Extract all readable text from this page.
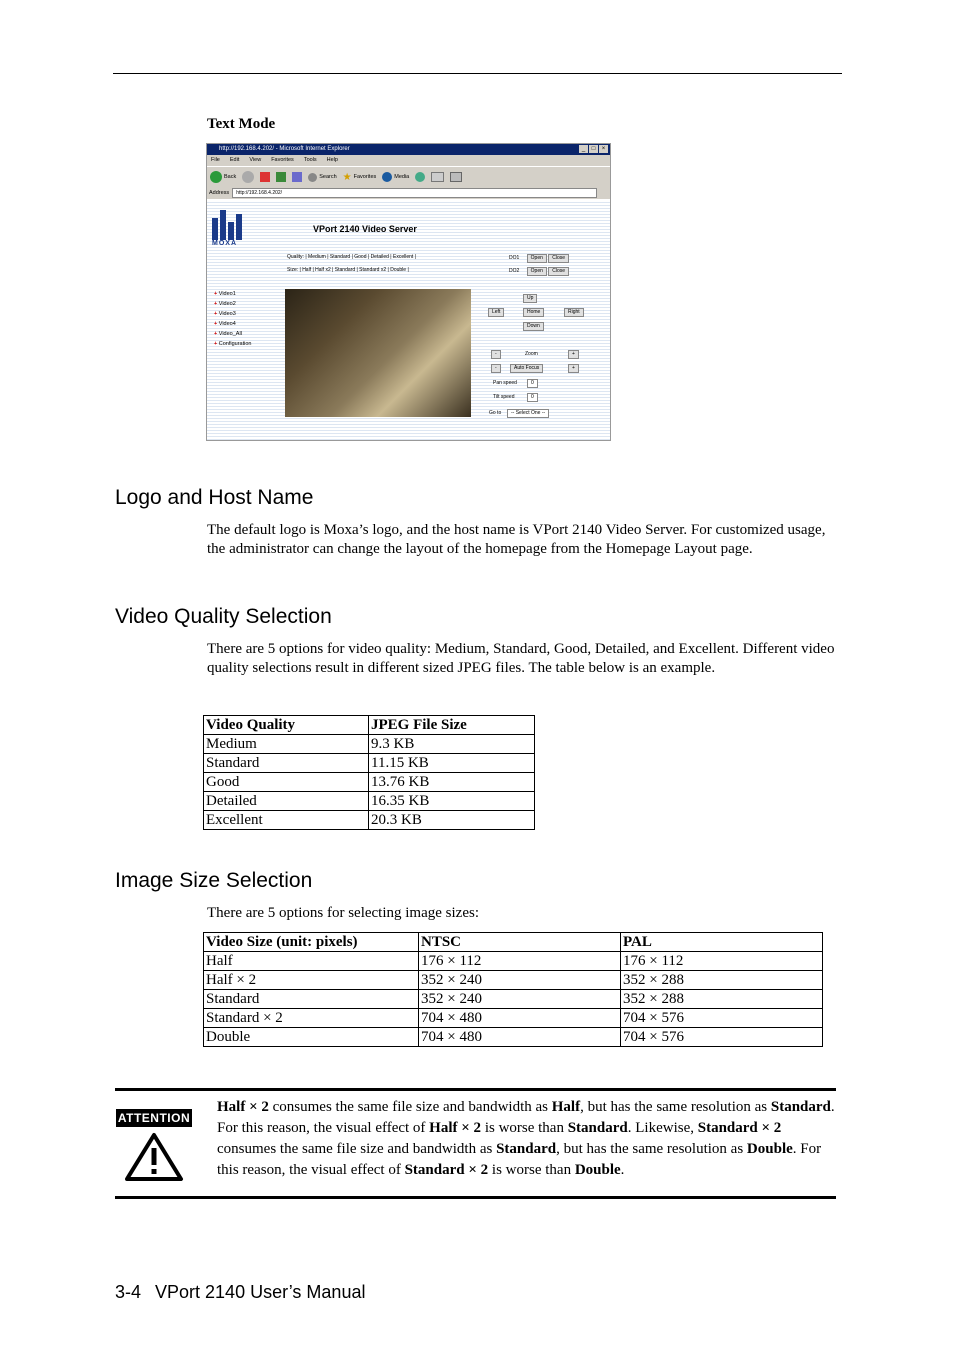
Text Mode
http://192.168.4.202/ - Microsoft Internet Explorer	_	□	×
File Edit View Favorites Tools Help
Back	Search ★ Favorites	Media
Address	http://192.168.4.202/
MOXA
VPort 2140 Video Server
Quality: | Medium | Standard | Good | Detailed | Excellent |
Size: | Half | Half x2 | Standard | Standard x2 | Double |
DO1 Open Close
DO2 Open Close
+ Video1
+ Video2
+ Video3
+ Video4
+ Video_All
+ Configuration
Up
Left	Home	Right
Down
-	Zoom	+
-	Auto Focus	+
Pan speed	0
Tilt speed	0
Go to	-- Select One --
Logo and Host Name

The default logo is Moxa’s logo, and the host name is VPort 2140 Video Server. For customized usage, the administrator can change the layout of the homepage from the Homepage Layout page.

Video Quality Selection

There are 5 options for video quality: Medium, Standard, Good, Detailed, and Excellent. Different video quality selections result in different sized JPEG files. The table below is an example.

Video Quality	JPEG File Size
Medium	9.3 KB
Standard	11.15 KB
Good	13.76 KB
Detailed	16.35 KB
Excellent	20.3 KB
Image Size Selection

There are 5 options for selecting image sizes:

Video Size (unit: pixels)	NTSC	PAL
Half	176 × 112	176 × 112
Half × 2	352 × 240	352 × 288
Standard	352 × 240	352 × 288
Standard × 2	704 × 480	704 × 576
Double	704 × 480	704 × 576
ATTENTION
Half × 2 consumes the same file size and bandwidth as Half, but has the same resolution as Standard. For this reason, the visual effect of Half × 2 is worse than Standard. Likewise, Standard × 2 consumes the same file size and bandwidth as Standard, but has the same resolution as Double. For this reason, the visual effect of Standard × 2 is worse than Double.
3-4 VPort 2140 User’s Manual
